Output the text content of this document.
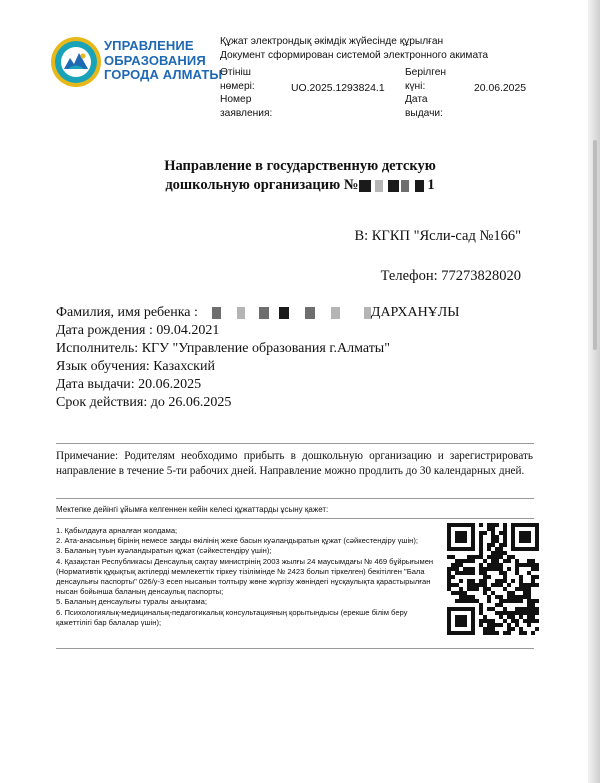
УПРАВЛЕНИЕ
ОБРАЗОВАНИЯ
ГОРОДА АЛМАТЫ
Құжат электрондық әкімдік жүйесінде құрылған
Документ сформирован системой электронного акимата
Өтініш
нөмері:
Номер
заявления:
UO.2025.1293824.1
Берілген
күні:
Дата
выдачи:
20.06.2025
Направление в государственную детскую
дошкольную организацию №	1
В: КГКП "Ясли-сад №166"
Телефон: 77273828020
Фамилия, имя ребенка :	ДАРХАНҰЛЫ
Дата рождения : 09.04.2021
Исполнитель: КГУ "Управление образования г.Алматы"
Язык обучения: Казахский
Дата выдачи: 20.06.2025
Срок действия: до 26.06.2025
Примечание: Родителям необходимо прибыть в дошкольную организацию и зарегистрировать направление в течение 5-ти рабочих дней. Направление можно продлить до 30 календарных дней.
Мектепке дейінгі ұйымға келгеннен кейін келесі құжаттарды ұсыну қажет:
1. Қабылдауға арналған жолдама;
2. Ата-анасының бірінің немесе заңды өкілінің жеке басын куәландыратын құжат (сәйкестендіру үшін);
3. Баланың туын куәландыратын құжат (сәйкестендіру үшін);
4. Қазақстан Республикасы Денсаулық сақтау министрінің 2003 жылғы 24 маусымдағы № 469 бұйрығымен (Нормативтік құқықтық актілерді мемлекеттік тіркеу тізілімінде № 2423 болып тіркелген) бекітілген "Бала денсаулығы паспорты" 026/у-3 есеп нысанын толтыру жөне жүргізу жөніндегі нұсқаулықта қарастырылған нысан бойынша баланың денсаулық паспорты;
5. Баланың денсаулығы туралы анықтама;
6. Психологиялық-медициналық-педагогикалық консультацияның қорытындысы (ерекше білім беру қажеттілігі бар балалар үшін);
